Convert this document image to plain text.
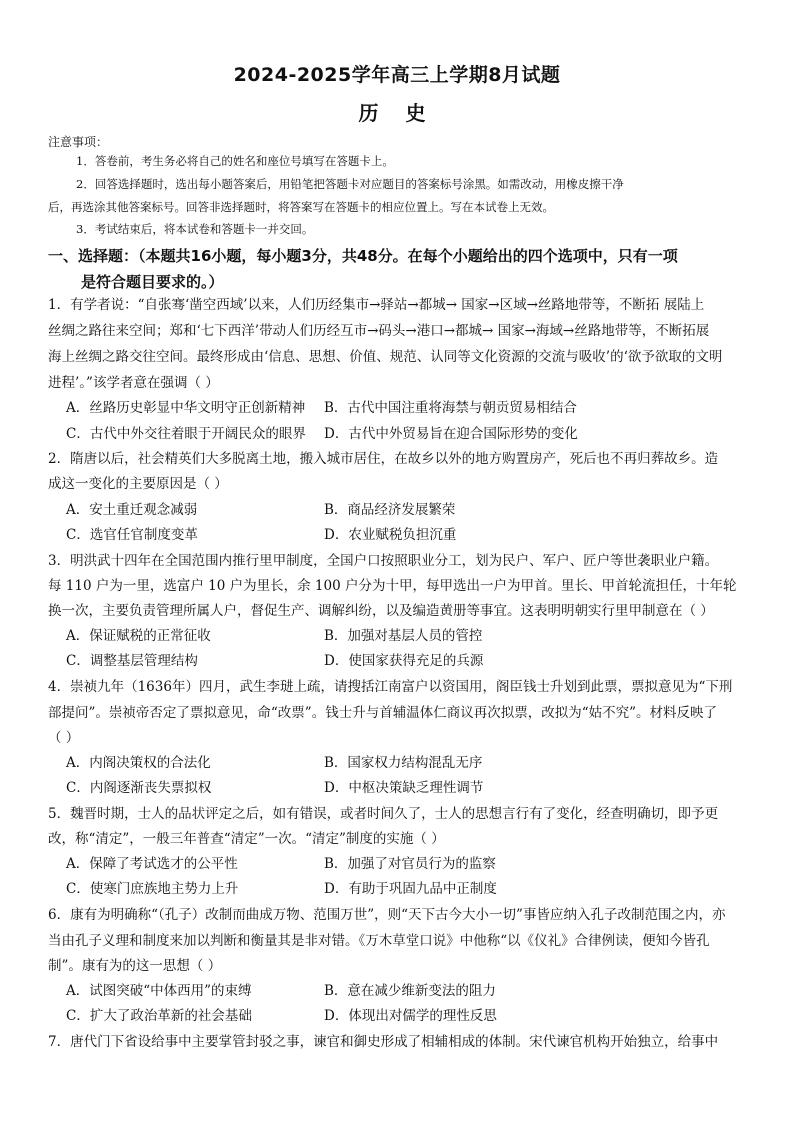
2024-2025学年高三上学期8月试题
历 史
注意事项：
1．答卷前，考生务必将自己的姓名和座位号填写在答题卡上。
2．回答选择题时，选出每小题答案后，用铅笔把答题卡对应题目的答案标号涂黑。如需改动，用橡皮擦干净
后，再选涂其他答案标号。回答非选择题时，将答案写在答题卡的相应位置上。写在本试卷上无效。
3．考试结束后，将本试卷和答题卡一并交回。
一、选择题：（本题共16小题，每小题3分，共48分。在每个小题给出的四个选项中，只有一项
是符合题目要求的。）
1．有学者说：“自张骞‘凿空西域’以来，人们历经集市→驿站→都城→ 国家→区域→丝路地带等，不断拓 展陆上
丝绸之路往来空间；郑和‘七下西洋’带动人们历经互市→码头→港口→都城→ 国家→海域→丝路地带等，不断拓展
海上丝绸之路交往空间。最终形成由‘信息、思想、价值、规范、认同等文化资源的交流与吸收’的‘欲予欲取的文明
进程’。”该学者意在强调（ ）
A．丝路历史彰显中华文明守正创新精神 B．古代中国注重将海禁与朝贡贸易相结合
C．古代中外交往着眼于开阔民众的眼界 D．古代中外贸易旨在迎合国际形势的变化
2．隋唐以后，社会精英们大多脱离土地，搬入城市居住，在故乡以外的地方购置房产，死后也不再归葬故乡。造
成这一变化的主要原因是（ ）
A．安土重迁观念减弱	B．商品经济发展繁荣
C．选官任官制度变革	D．农业赋税负担沉重
3．明洪武十四年在全国范围内推行里甲制度，全国户口按照职业分工，划为民户、军户、匠户等世袭职业户籍。
每 110 户为一里，选富户 10 户为里长，余 100 户分为十甲，每甲选出一户为甲首。里长、甲首轮流担任，十年轮
换一次，主要负责管理所属人户，督促生产、调解纠纷，以及编造黄册等事宜。这表明明朝实行里甲制意在（ ）
A．保证赋税的正常征收	B．加强对基层人员的管控
C．调整基层管理结构	D．使国家获得充足的兵源
4．崇祯九年（1636年）四月，武生李琎上疏，请搜括江南富户以资国用，阁臣钱士升划到此票，票拟意见为“下刑
部提问”。崇祯帝否定了票拟意见，命“改票”。钱士升与首辅温体仁商议再次拟票，改拟为“姑不究”。材料反映了
（ ）
A．内阁决策权的合法化	B．国家权力结构混乱无序
C．内阁逐渐丧失票拟权	D．中枢决策缺乏理性调节
5．魏晋时期，士人的品状评定之后，如有错误，或者时间久了，士人的思想言行有了变化，经查明确切，即予更
改，称“清定”，一般三年普查“清定”一次。“清定”制度的实施（ ）
A．保障了考试选才的公平性	B．加强了对官员行为的监察
C．使寒门庶族地主势力上升	D．有助于巩固九品中正制度
6．康有为明确称“（孔子）改制而曲成万物、范围万世”，则“天下古今大小一切”事皆应纳入孔子改制范围之内，亦
当由孔子义理和制度来加以判断和衡量其是非对错。《万木草堂口说》中他称“以《仪礼》合律例读，便知今皆孔
制”。康有为的这一思想（ ）
A．试图突破“中体西用”的束缚	B．意在减少维新变法的阻力
C．扩大了政治革新的社会基础	D．体现出对儒学的理性反思
7．唐代门下省设给事中主要掌管封驳之事，谏官和御史形成了相辅相成的体制。宋代谏官机构开始独立，给事中
